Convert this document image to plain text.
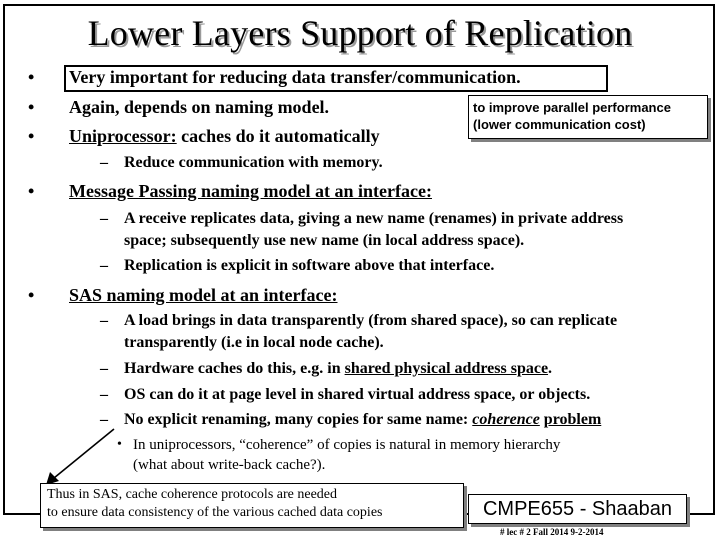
Lower Layers Support of Replication
• Very important for reducing data transfer/communication.
• Again, depends on naming model.
• Uniprocessor: caches do it automatically
– Reduce communication with memory.
to improve parallel performance
(lower communication cost)
• Message Passing naming model at an interface:
– A receive replicates data, giving a new name (renames) in private address
space; subsequently use new name (in local address space).
– Replication is explicit in software above that interface.
• SAS naming model at an interface:
– A load brings in data transparently (from shared space), so can replicate
transparently (i.e in local node cache).
– Hardware caches do this, e.g. in shared physical address space.
– OS can do it at page level in shared virtual address space, or objects.
– No explicit renaming, many copies for same name: coherence problem
• In uniprocessors, “coherence” of copies is natural in memory hierarchy
(what about write-back cache?).
Thus in SAS, cache coherence protocols are needed
to ensure data consistency of the various cached data copies	CMPE655 - Shaaban
# lec # 2 Fall 2014 9-2-2014
